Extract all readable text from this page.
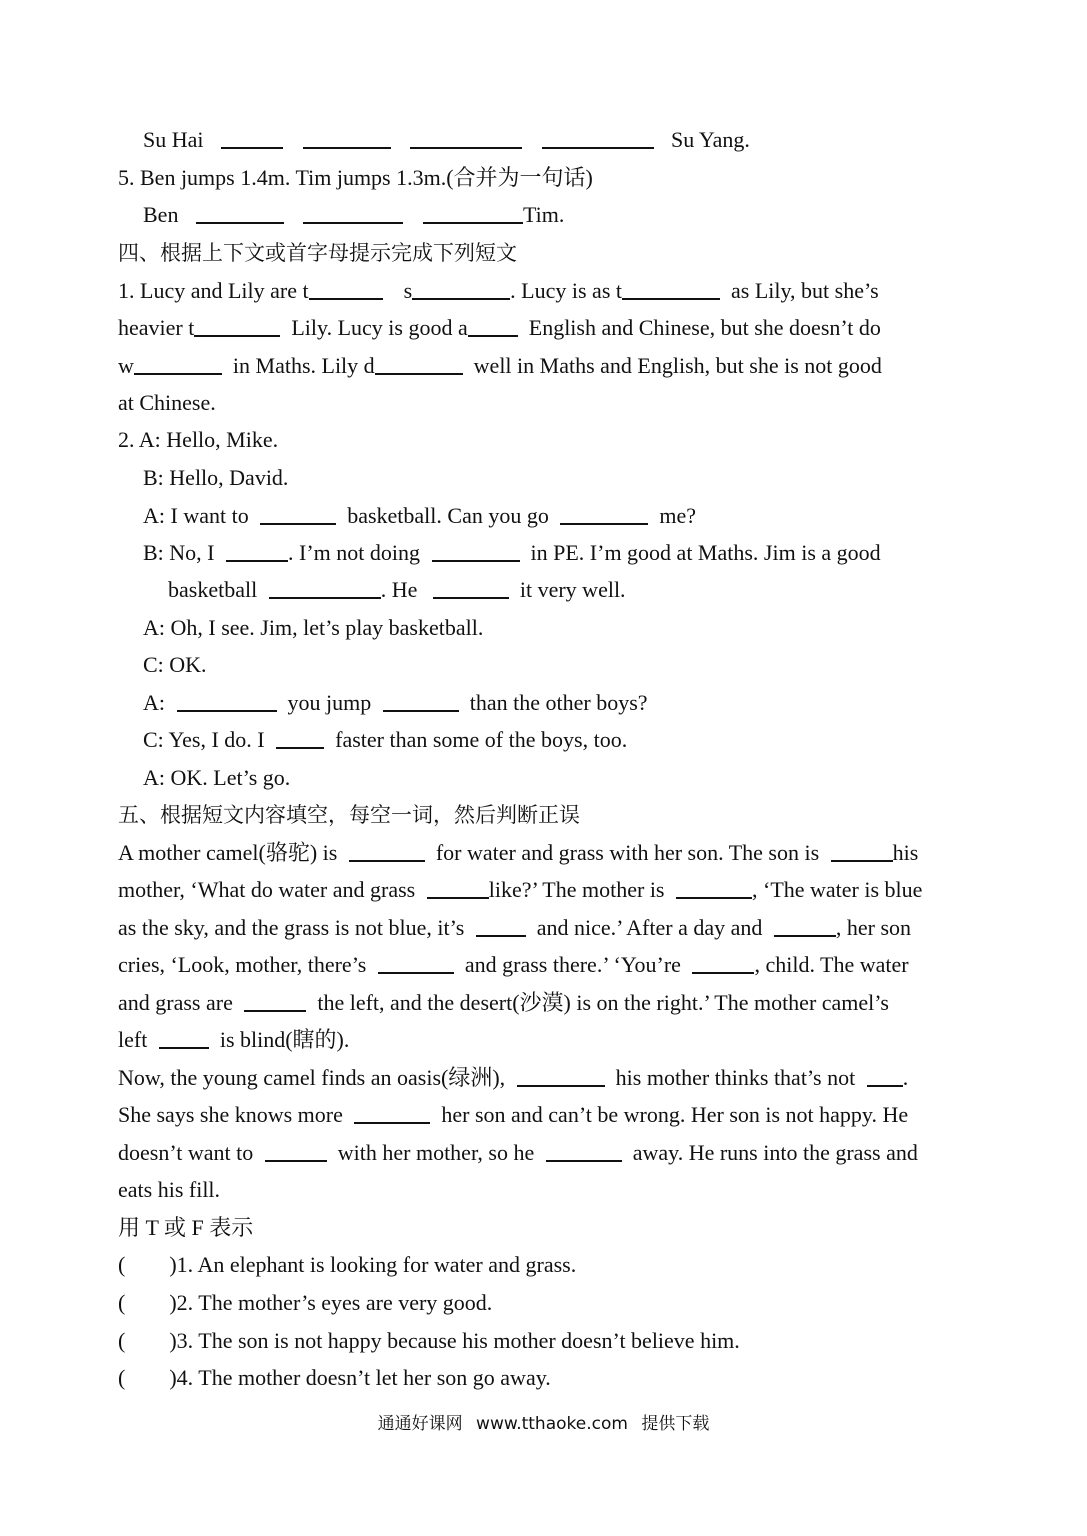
Su Hai	Su Yang.
5. Ben jumps 1.4m. Tim jumps 1.3m.(合并为一句话)
Ben	Tim.
四、根据上下文或首字母提示完成下列短文
1. Lucy and Lily are t	s	. Lucy is as t	as Lily, but she’s
heavier t	Lily. Lucy is good a	English and Chinese, but she doesn’t do
w	in Maths. Lily d	well in Maths and English, but she is not good
at Chinese.
2. A: Hello, Mike.
B: Hello, David.
A: I want to	basketball. Can you go	me?
B: No, I	. I’m not doing	in PE. I’m good at Maths. Jim is a good
basketball	. He	it very well.
A: Oh, I see. Jim, let’s play basketball.
C: OK.
A:	you jump	than the other boys?
C: Yes, I do. I	faster than some of the boys, too.
A: OK. Let’s go.
五、根据短文内容填空，每空一词，然后判断正误
A mother camel(骆驼) is	for water and grass with her son. The son is	his
mother, ‘What do water and grass	like?’ The mother is	, ‘The water is blue
as the sky, and the grass is not blue, it’s	and nice.’ After a day and	, her son
cries, ‘Look, mother, there’s	and grass there.’ ‘You’re	, child. The water
and grass are	the left, and the desert(沙漠) is on the right.’ The mother camel’s
left	is blind(瞎的).
Now, the young camel finds an oasis(绿洲),	his mother thinks that’s not .
She says she knows more	her son and can’t be wrong. Her son is not happy. He
doesn’t want to	with her mother, so he	away. He runs into the grass and
eats his fill.
用 T 或 F 表示
(        )1. An elephant is looking for water and grass.
(        )2. The mother’s eyes are very good.
(        )3. The son is not happy because his mother doesn’t believe him.
(        )4. The mother doesn’t let her son go away.
通通好课网 www.tthaoke.com 提供下载
